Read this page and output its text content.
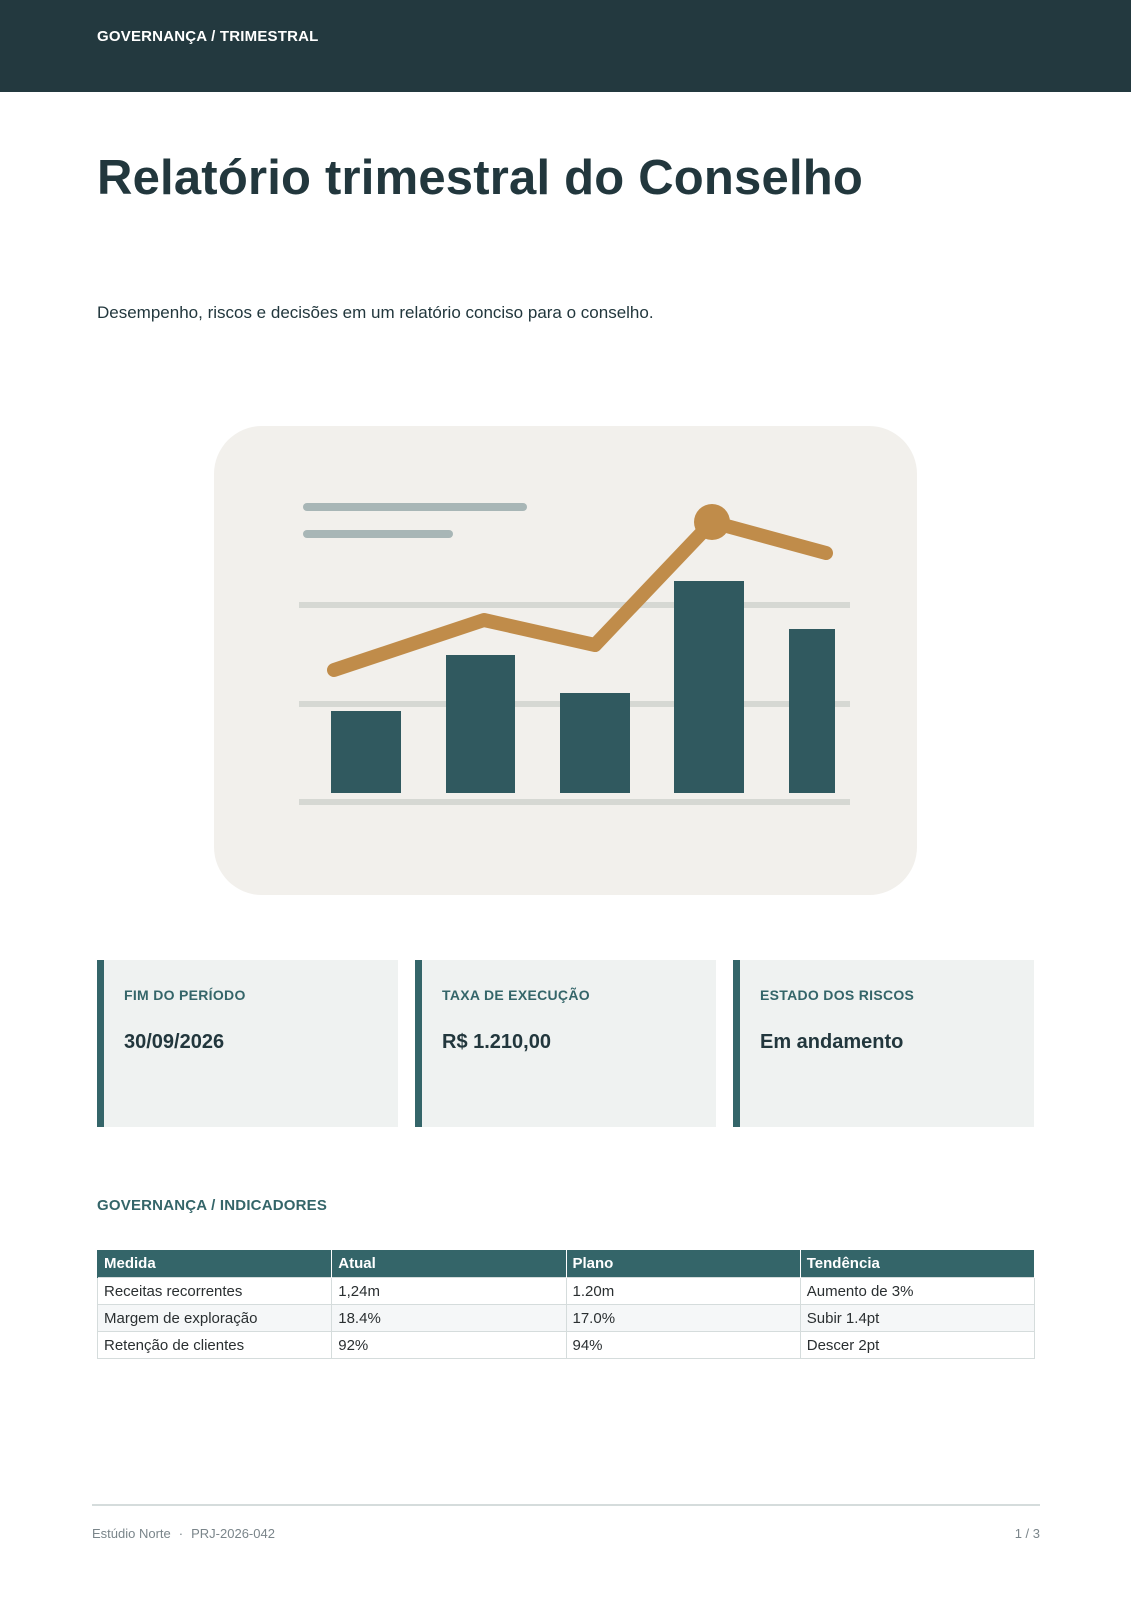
GOVERNANÇA / TRIMESTRAL
Relatório trimestral do Conselho

Desempenho, riscos e decisões em um relatório conciso para o conselho.

FIM DO PERÍODO
30/09/2026
TAXA DE EXECUÇÃO
R$ 1.210,00
ESTADO DOS RISCOS
Em andamento
GOVERNANÇA / INDICADORES
Medida	Atual	Plano	Tendência
Receitas recorrentes	1,24m	1.20m	Aumento de 3%
Margem de exploração	18.4%	17.0%	Subir 1.4pt
Retenção de clientes	92%	94%	Descer 2pt
Estúdio Norte · PRJ-2026-042	1 / 3
